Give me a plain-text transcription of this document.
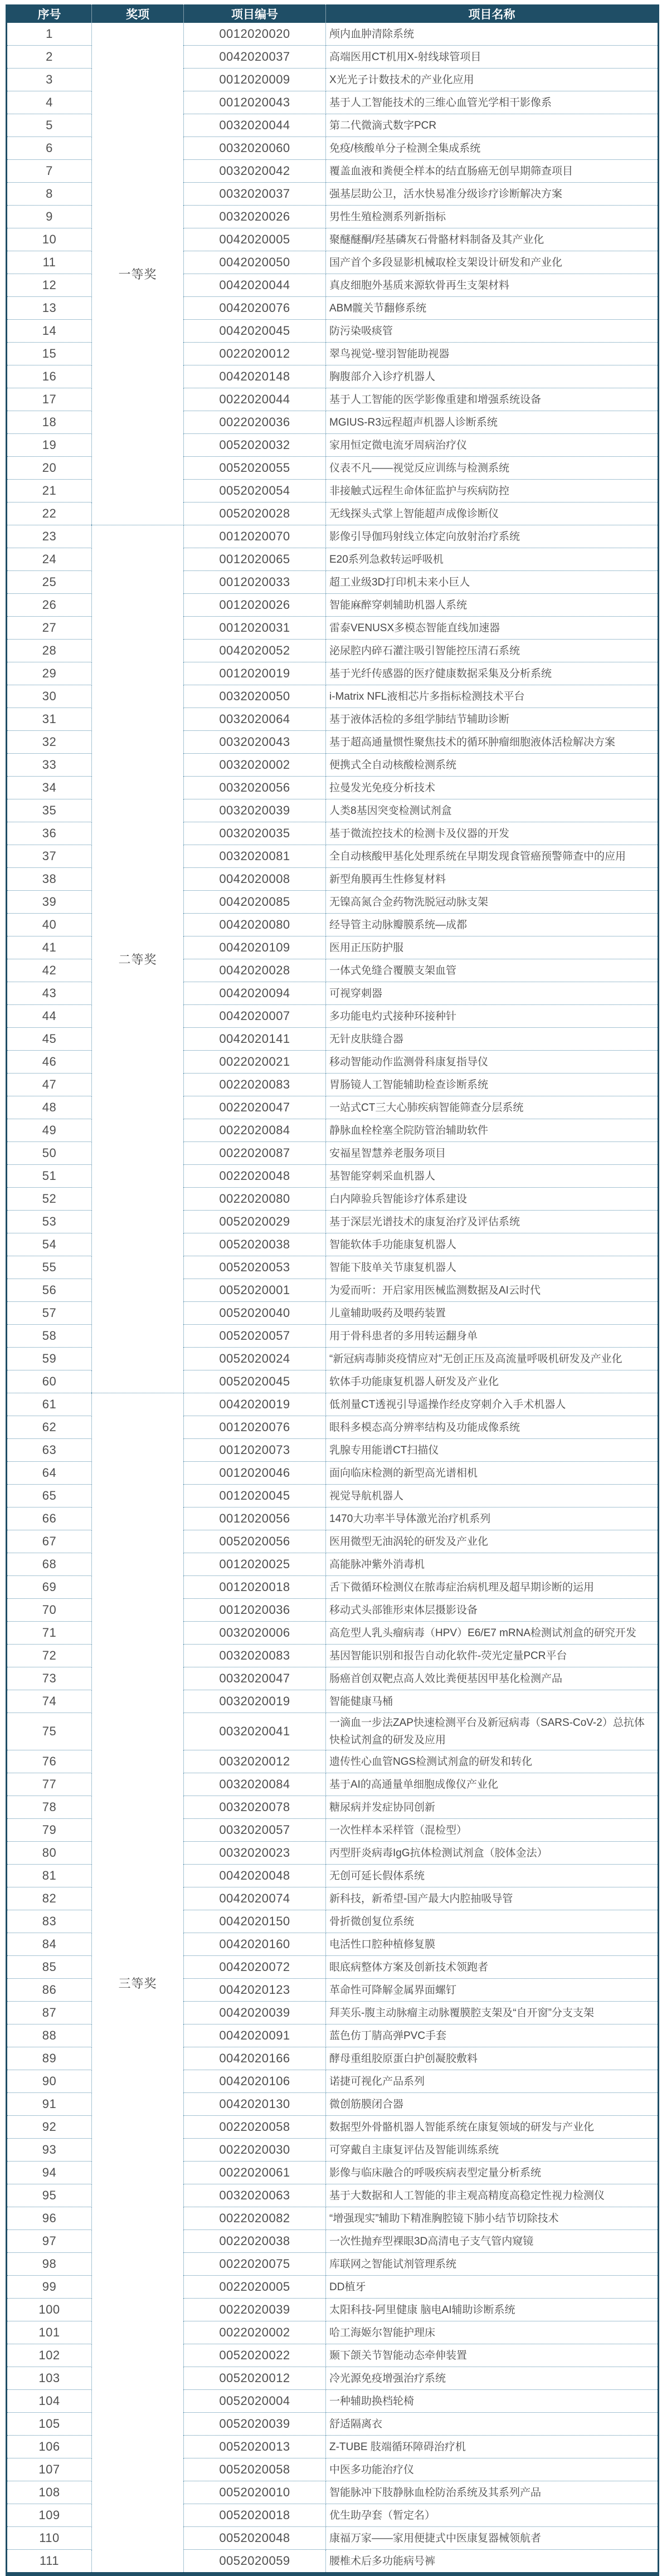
序号	奖项	项目编号	项目名称
1	一等奖	0012020020	颅内血肿清除系统
2		0042020037	高端医用CT机用X-射线球管项目
3		0012020009	X光光子计数技术的产业化应用
4		0012020043	基于人工智能技术的三维心血管光学相干影像系
5		0032020044	第二代微滴式数字PCR
6		0032020060	免疫/核酸单分子检测全集成系统
7		0032020042	覆盖血液和粪便全样本的结直肠癌无创早期筛查项目
8		0032020037	强基层助公卫，活水快易准分级诊疗诊断解决方案
9		0032020026	男性生殖检测系列新指标
10		0042020005	聚醚醚酮/羟基磷灰石骨骼材料制备及其产业化
11		0042020050	国产首个多段显影机械取栓支架设计研发和产业化
12		0042020044	真皮细胞外基质来源软骨再生支架材料
13		0042020076	ABM髋关节翻修系统
14		0042020045	防污染吸痰管
15		0022020012	翠鸟视觉-璧羽智能助视器
16		0042020148	胸腹部介入诊疗机器人
17		0022020044	基于人工智能的医学影像重建和增强系统设备
18		0022020036	MGIUS-R3远程超声机器人诊断系统
19		0052020032	家用恒定微电流牙周病治疗仪
20		0052020055	仪表不凡——视觉反应训练与检测系统
21		0052020054	非接触式远程生命体征监护与疾病防控
22		0052020028	无线探头式掌上智能超声成像诊断仪
23	二等奖	0012020070	影像引导伽玛射线立体定向放射治疗系统
24		0012020065	E20系列急救转运呼吸机
25		0012020033	超工业级3D打印机未来小巨人
26		0012020026	智能麻醉穿刺辅助机器人系统
27		0012020031	雷泰VENUSX多模态智能直线加速器
28		0042020052	泌尿腔内碎石灌注吸引智能控压清石系统
29		0012020019	基于光纤传感器的医疗健康数据采集及分析系统
30		0032020050	i-Matrix NFL液相芯片多指标检测技术平台
31		0032020064	基于液体活检的多组学肺结节辅助诊断
32		0032020043	基于超高通量惯性聚焦技术的循环肿瘤细胞液体活检解决方案
33		0032020002	便携式全自动核酸检测系统
34		0032020056	拉曼发光免疫分析技术
35		0032020039	人类8基因突变检测试剂盒
36		0032020035	基于微流控技术的检测卡及仪器的开发
37		0032020081	全自动核酸甲基化处理系统在早期发现食管癌预警筛查中的应用
38		0042020008	新型角膜再生性修复材料
39		0042020085	无镍高氮合金药物洗脱冠动脉支架
40		0042020080	经导管主动脉瓣膜系统—成都
41		0042020109	医用正压防护服
42		0042020028	一体式免缝合覆膜支架血管
43		0042020094	可视穿刺器
44		0042020007	多功能电灼式接种环接种针
45		0042020141	无针皮肤缝合器
46		0022020021	移动智能动作监测骨科康复指导仪
47		0022020083	胃肠镜人工智能辅助检查诊断系统
48		0022020047	一站式CT三大心肺疾病智能筛查分层系统
49		0022020084	静脉血栓栓塞全院防管治辅助软件
50		0022020087	安福星智慧养老服务项目
51		0022020048	基智能穿刺采血机器人
52		0022020080	白内障验兵智能诊疗体系建设
53		0052020029	基于深层光谱技术的康复治疗及评估系统
54		0052020038	智能软体手功能康复机器人
55		0052020053	智能下肢单关节康复机器人
56		0052020001	为爱而听：开启家用医械监测数据及AI云时代
57		0052020040	儿童辅助吸药及喂药装置
58		0052020057	用于骨科患者的多用转运翻身单
59		0052020024	“新冠病毒肺炎疫情应对”无创正压及高流量呼吸机研发及产业化
60		0052020045	软体手功能康复机器人研发及产业化
61	三等奖	0042020019	低剂量CT透视引导遥操作经皮穿刺介入手术机器人
62		0012020076	眼科多模态高分辨率结构及功能成像系统
63		0012020073	乳腺专用能谱CT扫描仪
64		0012020046	面向临床检测的新型高光谱相机
65		0012020045	视觉导航机器人
66		0012020056	1470大功率半导体激光治疗机系列
67		0052020056	医用微型无油涡轮的研发及产业化
68		0012020025	高能脉冲紫外消毒机
69		0012020018	舌下微循环检测仪在脓毒症治病机理及超早期诊断的运用
70		0012020036	移动式头部锥形束体层摄影设备
71		0032020006	高危型人乳头瘤病毒（HPV）E6/E7 mRNA检测试剂盒的研究开发
72		0032020083	基因智能识别和报告自动化软件-荧光定量PCR平台
73		0032020047	肠癌首创双靶点高人效比粪便基因甲基化检测产品
74		0032020019	智能健康马桶
75		0032020041	一滴血一步法ZAP快速检测平台及新冠病毒（SARS-CoV-2）总抗体快检试剂盒的研发及应用
76		0032020012	遗传性心血管NGS检测试剂盒的研发和转化
77		0032020084	基于AI的高通量单细胞成像仪产业化
78		0032020078	糖尿病并发症协同创新
79		0032020057	一次性样本采样管（混检型）
80		0032020023	丙型肝炎病毒IgG抗体检测试剂盒（胶体金法）
81		0042020048	无创可延长假体系统
82		0042020074	新科技，新希望-国产最大内腔抽吸导管
83		0042020150	骨折微创复位系统
84		0042020160	电活性口腔种植修复膜
85		0042020072	眼底病整体方案及创新技术领跑者
86		0042020123	革命性可降解金属界面螺钉
87		0042020039	拜芙乐-腹主动脉瘤主动脉覆膜腔支架及“自开窗”分支支架
88		0042020091	蓝色仿丁腈高弹PVC手套
89		0042020166	酵母重组胶原蛋白护创凝胶敷料
90		0042020106	诺捷可视化产品系列
91		0042020130	微创筋膜闭合器
92		0022020058	数据型外骨骼机器人智能系统在康复领域的研发与产业化
93		0022020030	可穿戴自主康复评估及智能训练系统
94		0022020061	影像与临床融合的呼吸疾病表型定量分析系统
95		0032020063	基于大数据和人工智能的非主观高精度高稳定性视力检测仪
96		0022020082	“增强现实”辅助下精准胸腔镜下肺小结节切除技术
97		0022020038	一次性抛弃型裸眼3D高清电子支气管内窥镜
98		0022020075	库联网之智能试剂管理系统
99		0022020005	DD植牙
100		0022020039	太阳科技-阿里健康 脑电AI辅助诊断系统
101		0022020002	哈工海姬尔智能护理床
102		0052020022	颞下颌关节智能动态牵伸装置
103		0052020012	冷光源免疫增强治疗系统
104		0052020004	一种辅助换档轮椅
105		0052020039	舒适隔离衣
106		0052020013	Z-TUBE 肢端循环障碍治疗机
107		0052020058	中医多功能治疗仪
108		0052020010	智能脉冲下肢静脉血栓防治系统及其系列产品
109		0052020018	优生助孕套（暂定名）
110		0052020048	康福万家——家用便捷式中医康复器械领航者
111		0052020059	腰椎术后多功能病号裤
